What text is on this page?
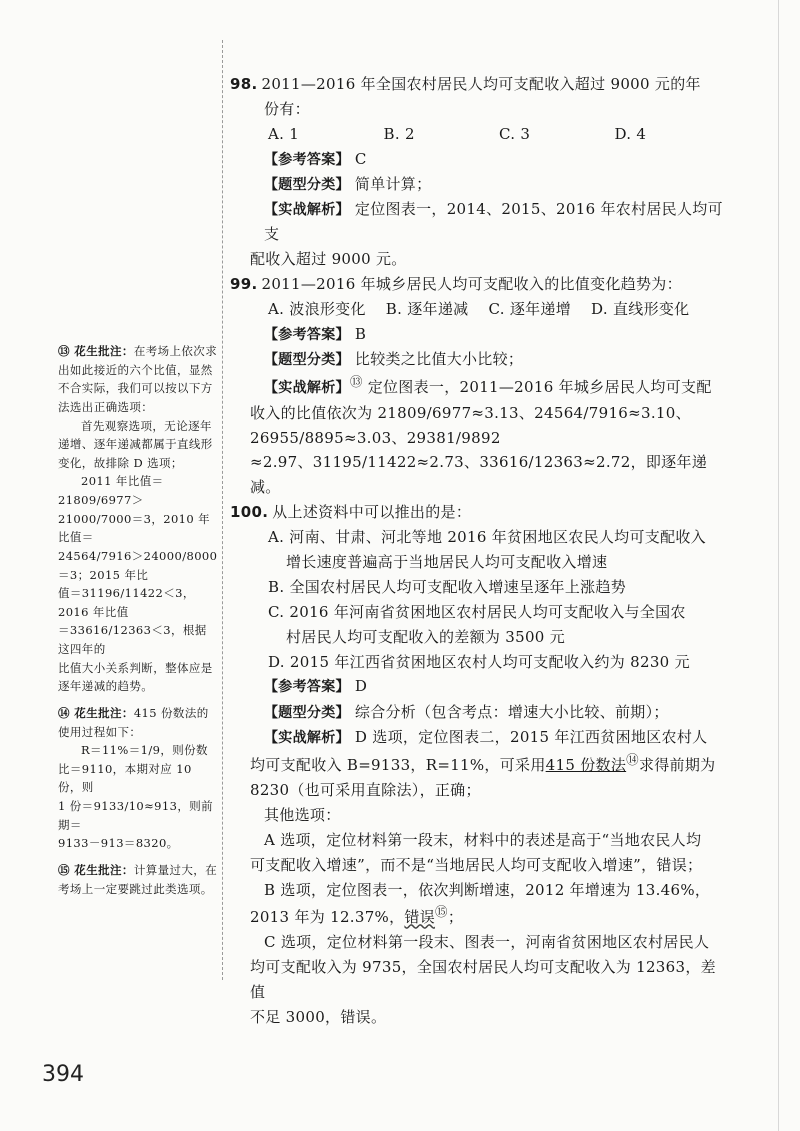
⑬ 花生批注：在考场上依次求出如此接近的六个比值，显然不合实际，我们可以按以下方法选出正确选项：
首先观察选项，无论逐年递增、逐年递减都属于直线形变化，故排除 D 选项；
2011 年比值＝21809/6977＞
21000/7000＝3，2010 年比值＝
24564/7916＞24000/8000＝3；2015 年比
值＝31196/11422＜3，2016 年比值
＝33616/12363＜3，根据这四年的
比值大小关系判断，整体应是逐年递减的趋势。
⑭ 花生批注：415 份数法的使用过程如下：
R＝11%＝1/9，则份数
比＝9110，本期对应 10 份，则
1 份＝9133/10≈913，则前期＝
9133－913＝8320。
⑮ 花生批注：计算量过大，在考场上一定要跳过此类选项。
98. 2011—2016 年全国农村居民人均可支配收入超过 9000 元的年
份有：
A. 1	B. 2	C. 3	D. 4
【参考答案】 C
【题型分类】 简单计算；
【实战解析】 定位图表一，2014、2015、2016 年农村居民人均可支
配收入超过 9000 元。
99. 2011—2016 年城乡居民人均可支配收入的比值变化趋势为：
A. 波浪形变化 B. 逐年递减 C. 逐年递增 D. 直线形变化
【参考答案】 B
【题型分类】 比较类之比值大小比较；
【实战解析】⑬ 定位图表一，2011—2016 年城乡居民人均可支配
收入的比值依次为 21809/6977≈3.13、24564/7916≈3.10、26955/8895≈3.03、29381/9892
≈2.97、31195/11422≈2.73、33616/12363≈2.72，即逐年递减。
100. 从上述资料中可以推出的是：
A. 河南、甘肃、河北等地 2016 年贫困地区农民人均可支配收入
增长速度普遍高于当地居民人均可支配收入增速
B. 全国农村居民人均可支配收入增速呈逐年上涨趋势
C. 2016 年河南省贫困地区农村居民人均可支配收入与全国农
村居民人均可支配收入的差额为 3500 元
D. 2015 年江西省贫困地区农村人均可支配收入约为 8230 元
【参考答案】 D
【题型分类】 综合分析（包含考点：增速大小比较、前期）；
【实战解析】 D 选项，定位图表二，2015 年江西贫困地区农村人
均可支配收入 B=9133，R=11%，可采用415 份数法⑭求得前期为
8230（也可采用直除法），正确；
其他选项：
A 选项，定位材料第一段末，材料中的表述是高于“当地农民人均
可支配收入增速”，而不是“当地居民人均可支配收入增速”，错误；
B 选项，定位图表一，依次判断增速，2012 年增速为 13.46%，
2013 年为 12.37%，错误⑮；
C 选项，定位材料第一段末、图表一，河南省贫困地区农村居民人
均可支配收入为 9735，全国农村居民人均可支配收入为 12363，差值
不足 3000，错误。
394
